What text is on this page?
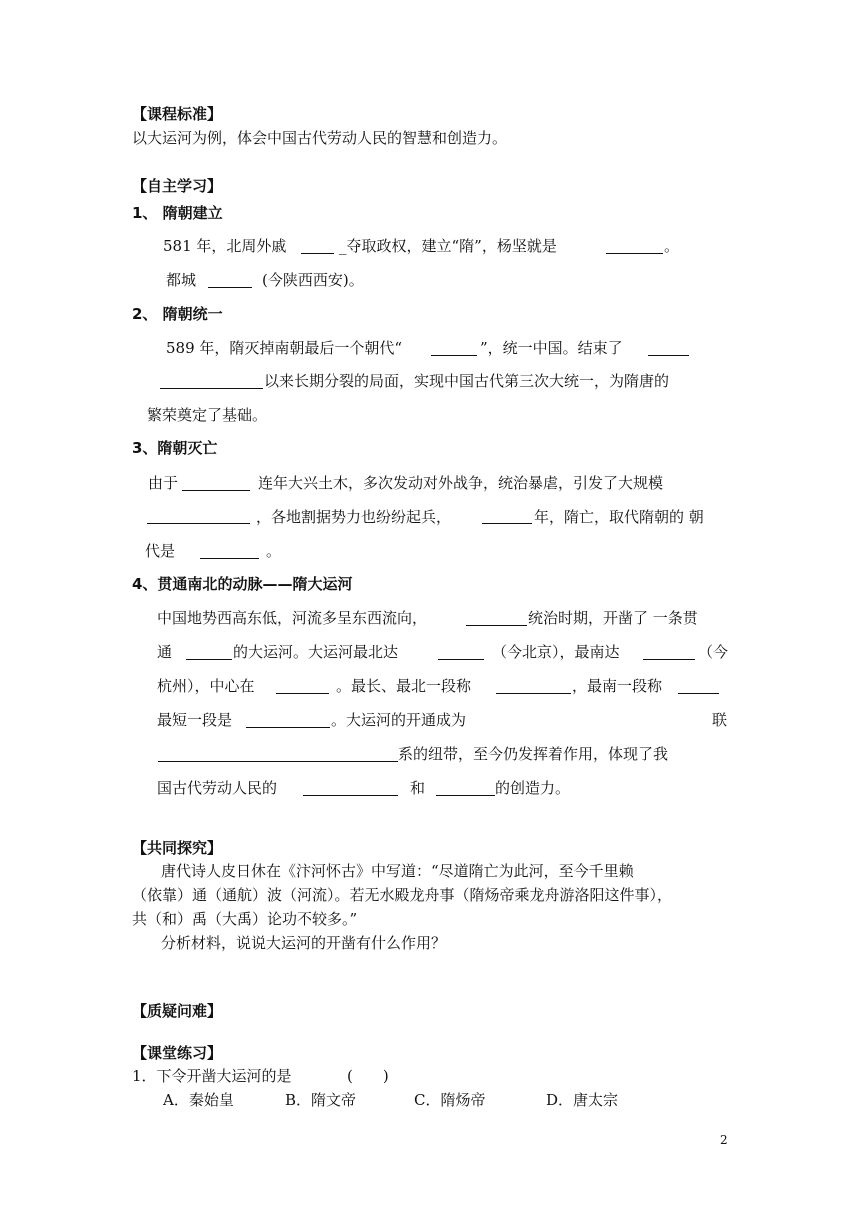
【课程标准】
以大运河为例，体会中国古代劳动人民的智慧和创造力。
【自主学习】
1、 隋朝建立
581 年，北周外戚	_夺取政权，建立“隋”，杨坚就是	。
都城	(今陕西西安)。
2、 隋朝统一
589 年，隋灭掉南朝最后一个朝代“	”，统一中国。结束了
以来长期分裂的局面，实现中国古代第三次大统一，为隋唐的
繁荣奠定了基础。
3、隋朝灭亡
由于	连年大兴土木，多次发动对外战争，统治暴虐，引发了大规模
，各地割据势力也纷纷起兵，	年，隋亡，取代隋朝的 朝
代是	。
4、贯通南北的动脉——隋大运河
中国地势西高东低，河流多呈东西流向，	统治时期，开凿了 一条贯
通	的大运河。大运河最北达	（今北京），最南达	（今
杭州），中心在	。最长、最北一段称	，最南一段称
最短一段是	。大运河的开通成为	联
系的纽带，至今仍发挥着作用，体现了我
国古代劳动人民的	和	的创造力。
【共同探究】
唐代诗人皮日休在《汴河怀古》中写道：“尽道隋亡为此河，至今千里赖
（依靠）通（通航）波（河流）。若无水殿龙舟事（隋炀帝乘龙舟游洛阳这件事），
共（和）禹（大禹）论功不较多。”
分析材料，说说大运河的开凿有什么作用？
【质疑问难】
【课堂练习】
1．下令开凿大运河的是	(　　)
A．秦始皇	B．隋文帝	C．隋炀帝	D．唐太宗
2
